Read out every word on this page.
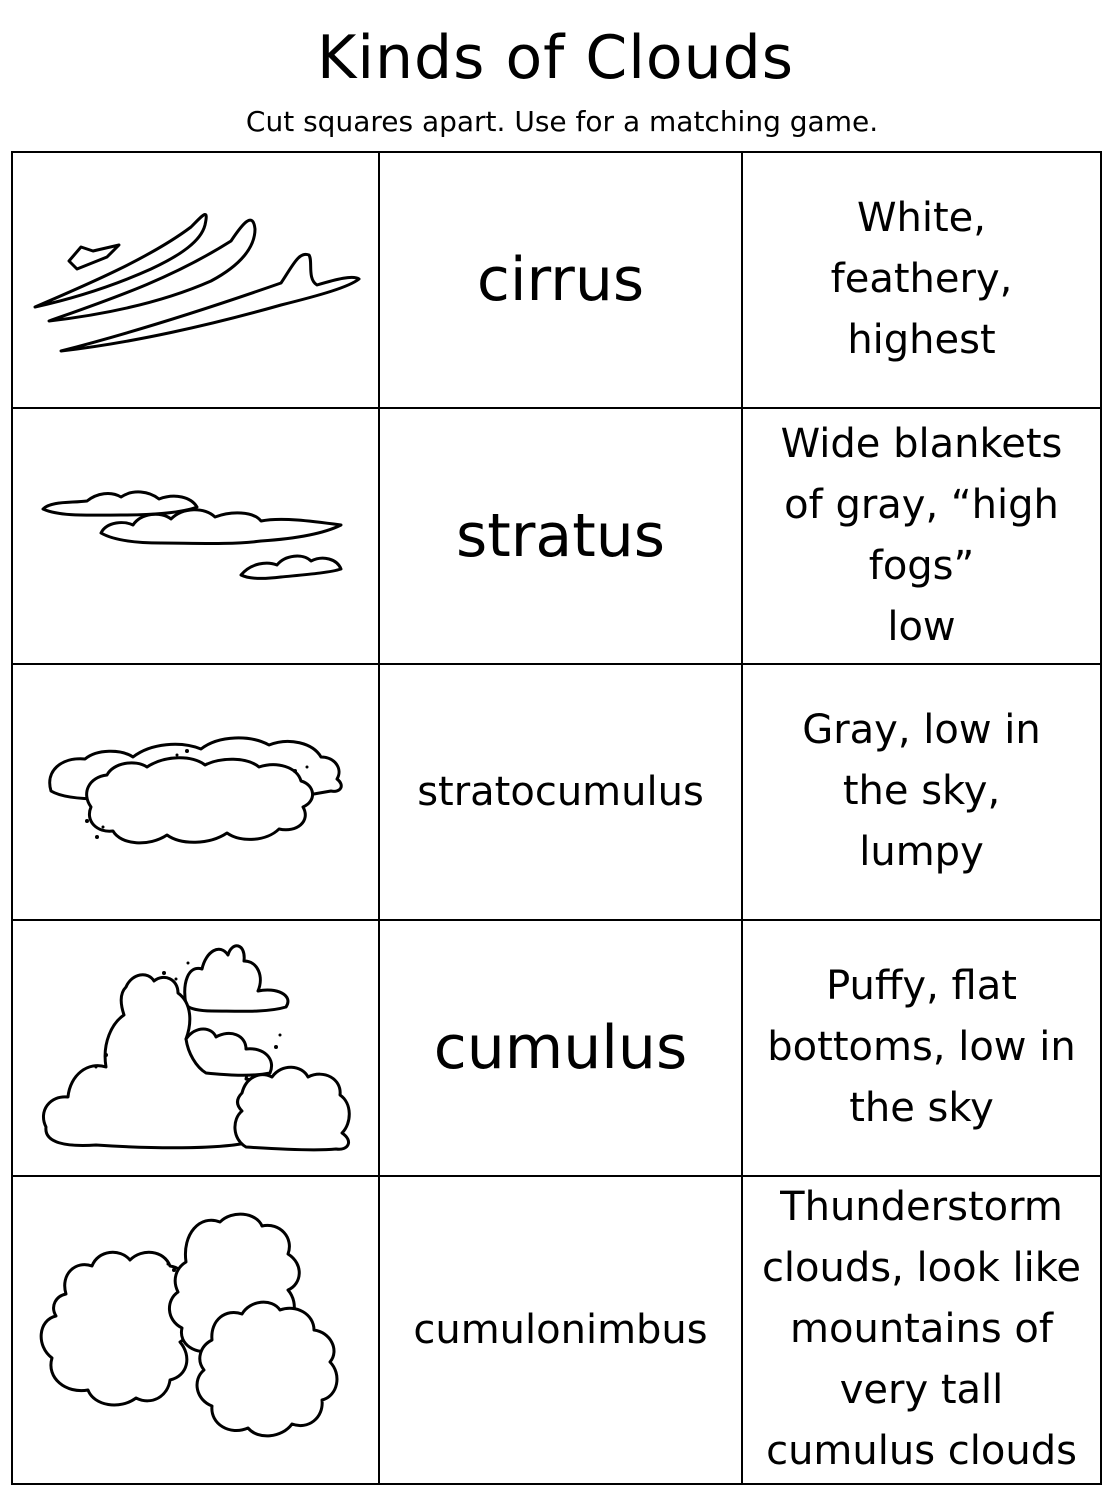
Kinds of Clouds
Cut squares apart. Use for a matching game.

cirrus	White,
feathery,
highest

stratus	Wide blankets
of gray, “high
fogs”
low

stratocumulus	Gray, low in
the sky,
lumpy

cumulus	Puffy, flat
bottoms, low in
the sky

cumulonimbus	Thunderstorm
clouds, look like
mountains of
very tall
cumulus clouds
